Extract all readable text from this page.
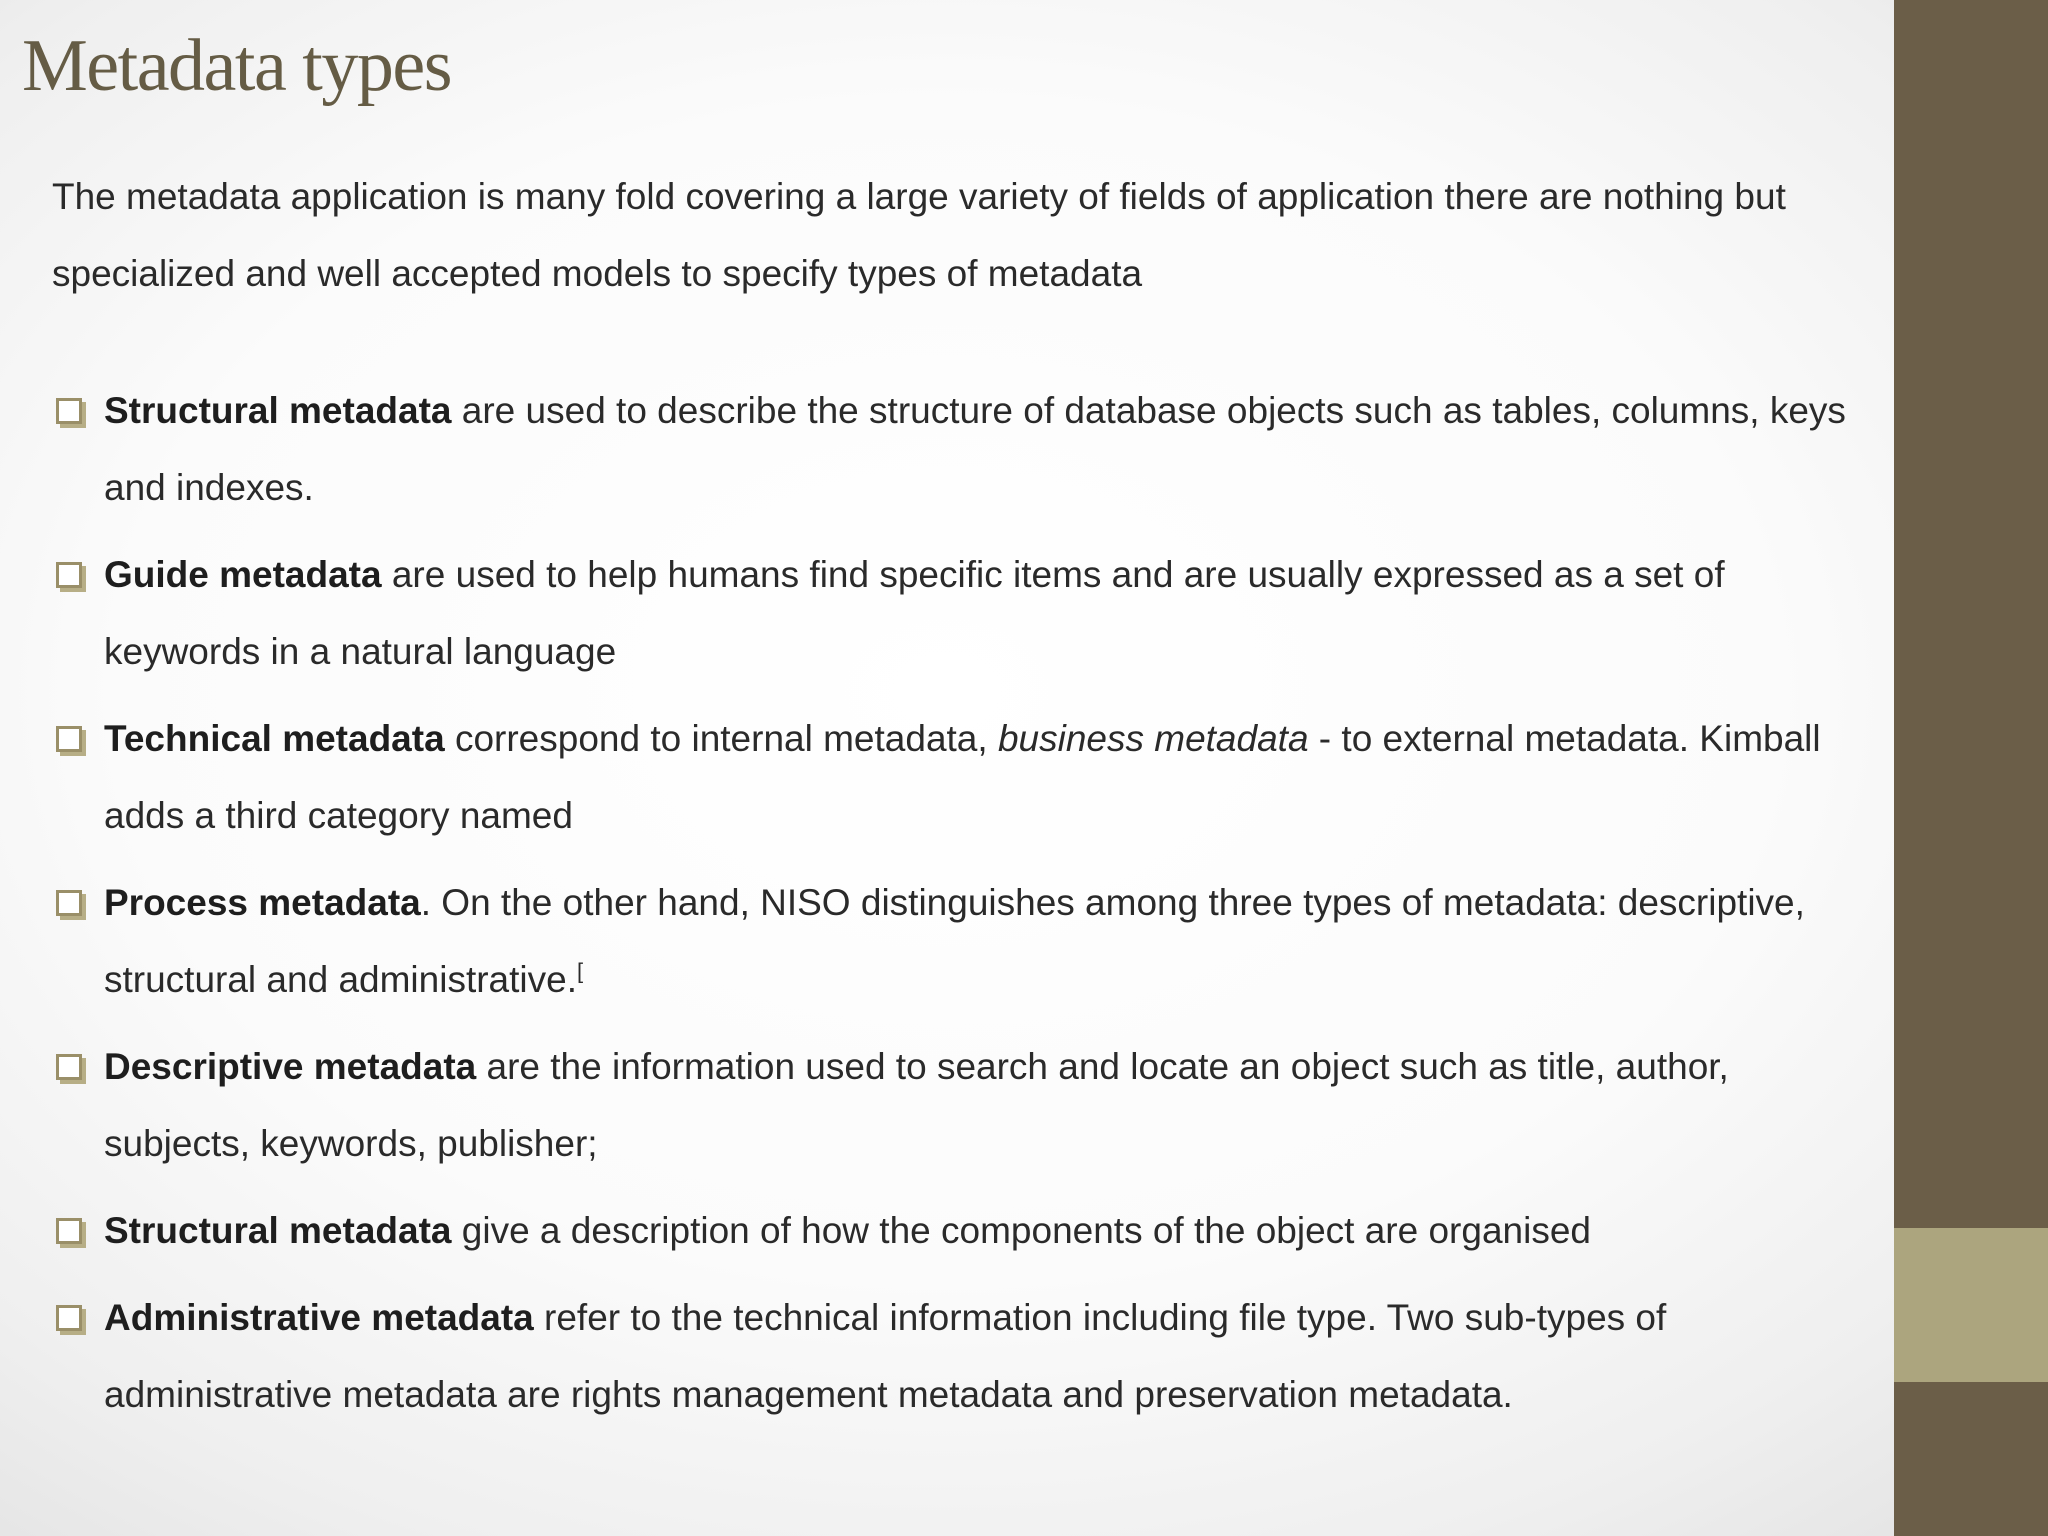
Metadata types

The metadata application is many fold covering a large variety of fields of application there are nothing but specialized and well accepted models to specify types of metadata

Structural metadata are used to describe the structure of database objects such as tables, columns, keys and indexes.
Guide metadata are used to help humans find specific items and are usually expressed as a set of keywords in a natural language
Technical metadata correspond to internal metadata, business metadata - to external metadata. Kimball adds a third category named
Process metadata. On the other hand, NISO distinguishes among three types of metadata: descriptive, structural and administrative.[
Descriptive metadata are the information used to search and locate an object such as title, author, subjects, keywords, publisher;
Structural metadata give a description of how the components of the object are organised
Administrative metadata refer to the technical information including file type. Two sub-types of administrative metadata are rights management metadata and preservation metadata.
